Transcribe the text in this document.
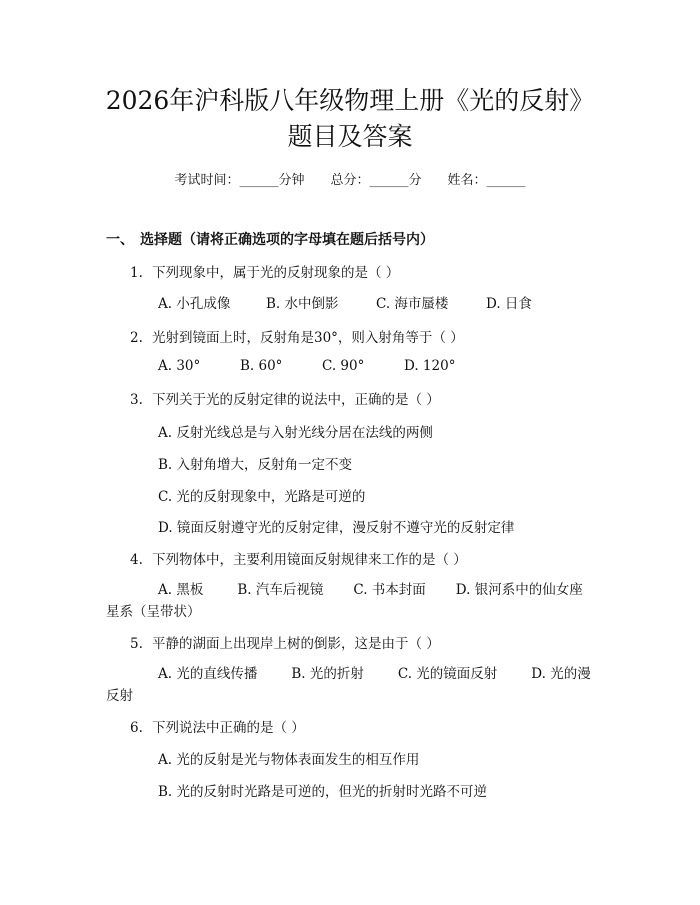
2026年沪科版八年级物理上册《光的反射》
题目及答案
考试时间：______分钟 总分：______分 姓名：______
一、 选择题（请将正确选项的字母填在题后括号内）
1. 下列现象中，属于光的反射现象的是（ ）
A. 小孔成像	B. 水中倒影	C. 海市蜃楼	D. 日食
2. 光射到镜面上时，反射角是30°，则入射角等于（ ）
A. 30°	B. 60°	C. 90°	D. 120°
3. 下列关于光的反射定律的说法中，正确的是（ ）
A. 反射光线总是与入射光线分居在法线的两侧
B. 入射角增大，反射角一定不变
C. 光的反射现象中，光路是可逆的
D. 镜面反射遵守光的反射定律，漫反射不遵守光的反射定律
4. 下列物体中，主要利用镜面反射规律来工作的是（ ）
A. 黑板	B. 汽车后视镜 C. 书本封面 D. 银河系中的仙女座星系（呈带状）
5. 平静的湖面上出现岸上树的倒影，这是由于（ ）
A. 光的直线传播	B. 光的折射	C. 光的镜面反射	D. 光的漫反射
6. 下列说法中正确的是（ ）
A. 光的反射是光与物体表面发生的相互作用
B. 光的反射时光路是可逆的，但光的折射时光路不可逆
